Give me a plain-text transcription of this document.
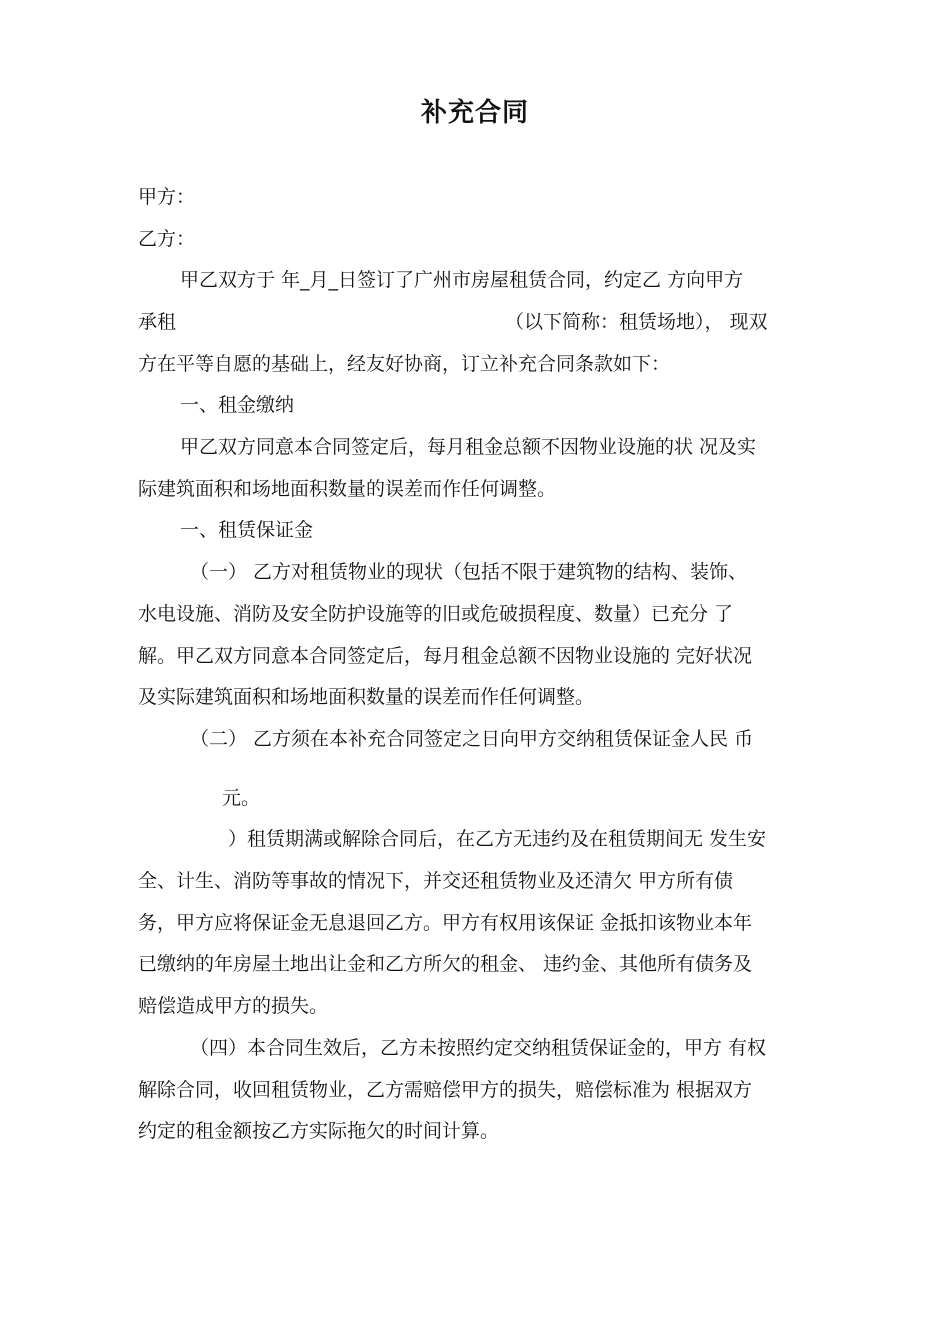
补充合同
甲方：
乙方：
甲乙双方于 年_月_日签订了广州市房屋租赁合同，约定乙 方向甲方
承租	（以下简称：租赁场地）， 现双
方在平等自愿的基础上，经友好协商，订立补充合同条款如下：
一、租金缴纳
甲乙双方同意本合同签定后，每月租金总额不因物业设施的状 况及实
际建筑面积和场地面积数量的误差而作任何调整。
一、租赁保证金
（一） 乙方对租赁物业的现状（包括不限于建筑物的结构、装饰、
水电设施、消防及安全防护设施等的旧或危破损程度、数量）已充分 了
解。甲乙双方同意本合同签定后，每月租金总额不因物业设施的 完好状况
及实际建筑面积和场地面积数量的误差而作任何调整。
（二） 乙方须在本补充合同签定之日向甲方交纳租赁保证金人民 币
元。
）租赁期满或解除合同后，在乙方无违约及在租赁期间无 发生安
全、计生、消防等事故的情况下，并交还租赁物业及还清欠 甲方所有债
务，甲方应将保证金无息退回乙方。甲方有权用该保证 金抵扣该物业本年
已缴纳的年房屋土地出让金和乙方所欠的租金、 违约金、其他所有债务及
赔偿造成甲方的损失。
（四）本合同生效后，乙方未按照约定交纳租赁保证金的，甲方 有权
解除合同，收回租赁物业，乙方需赔偿甲方的损失，赔偿标准为 根据双方
约定的租金额按乙方实际拖欠的时间计算。
